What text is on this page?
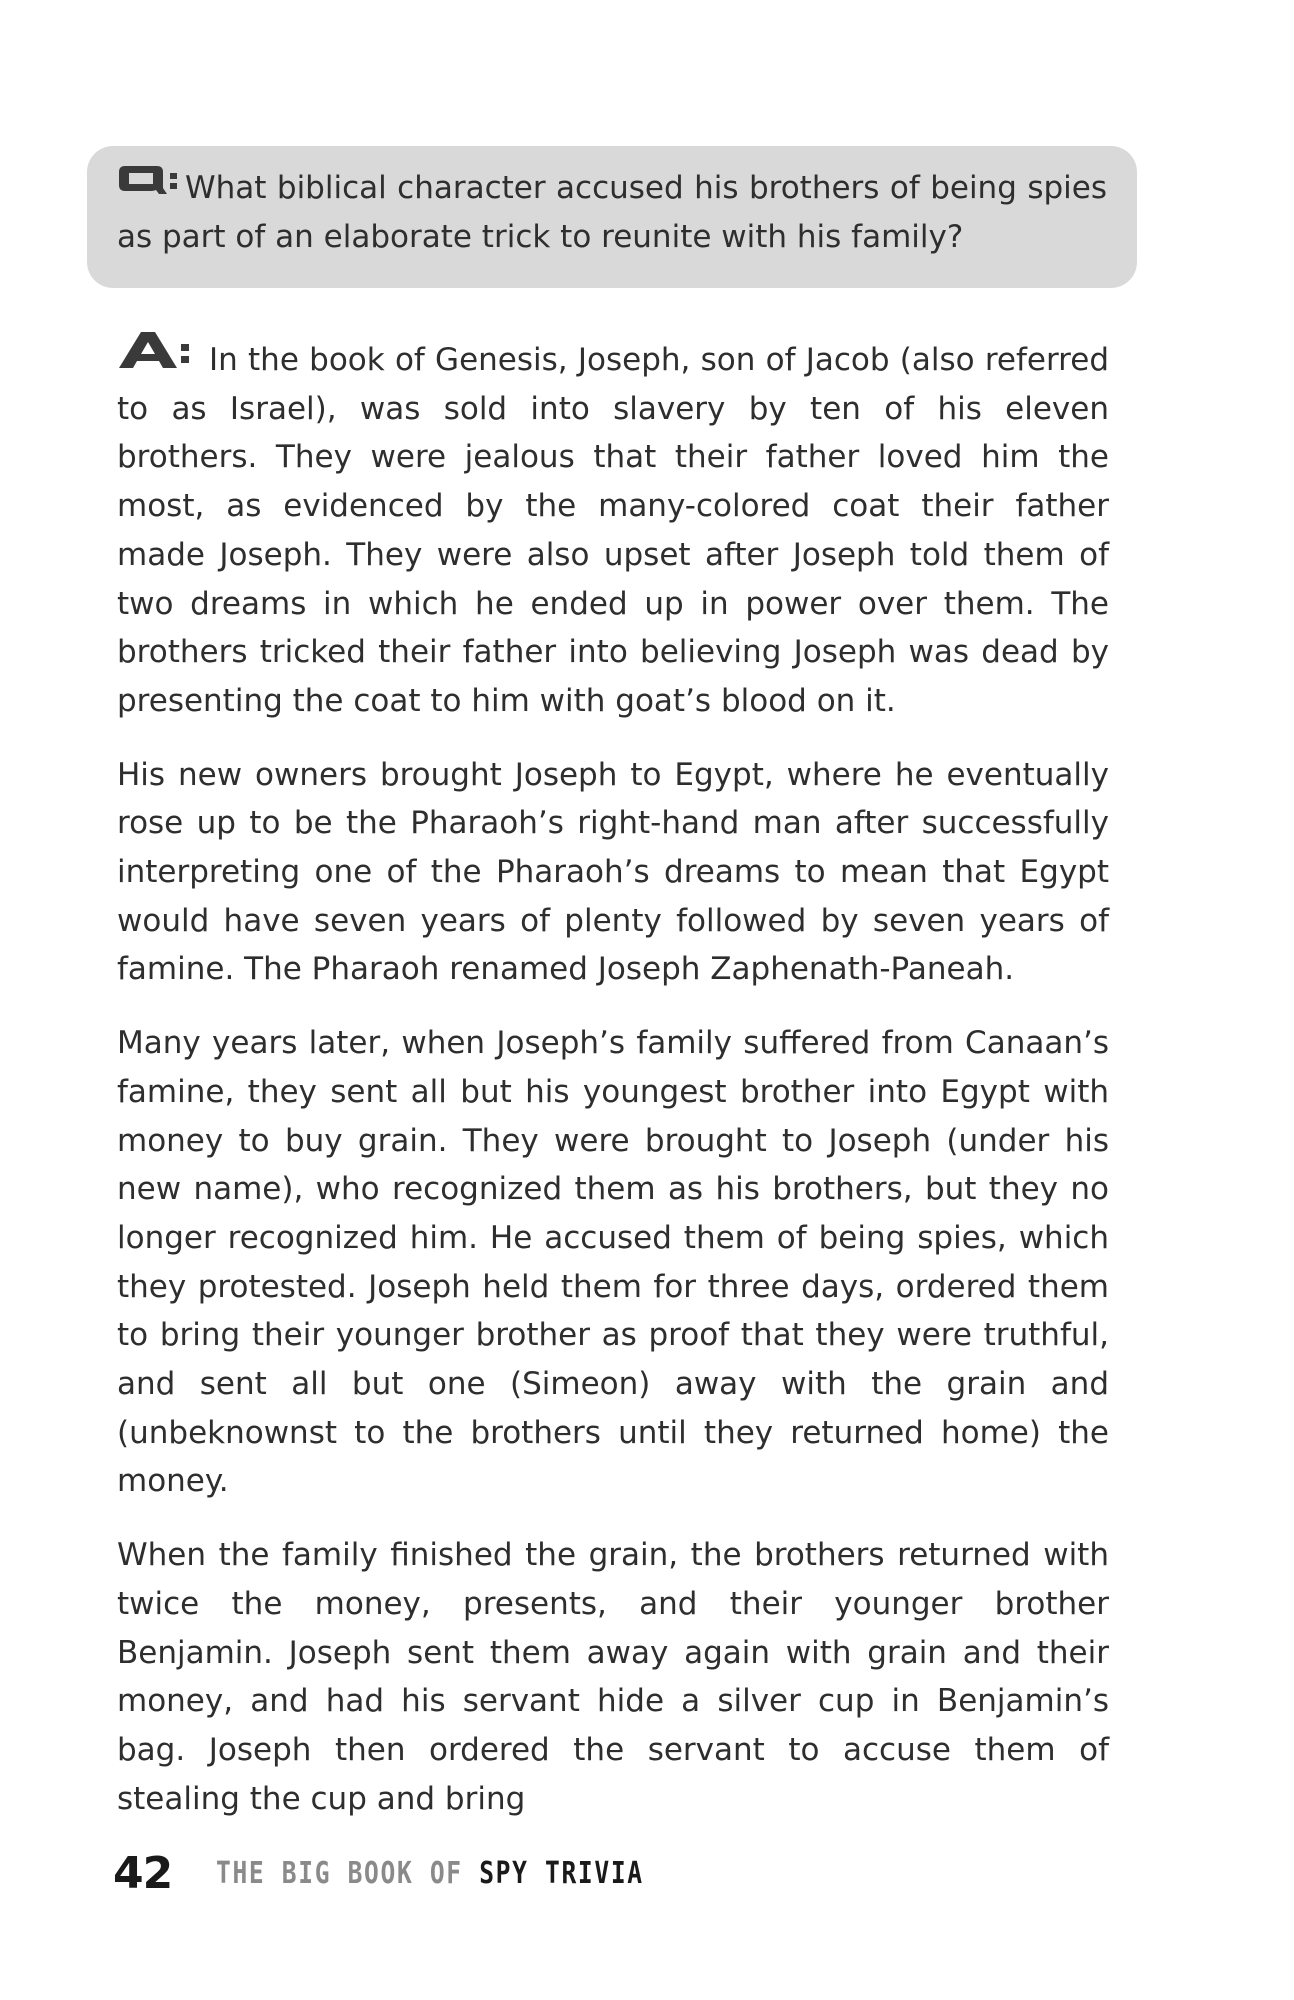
What biblical character accused his brothers of being spies as part of an elaborate trick to reunite with his family?

In the book of Genesis, Joseph, son of Jacob (also referred to as Israel), was sold into slavery by ten of his eleven brothers. They were jealous that their father loved him the most, as evidenced by the many-colored coat their father made Joseph. They were also upset after Joseph told them of two dreams in which he ended up in power over them. The brothers tricked their father into believing Joseph was dead by presenting the coat to him with goat’s blood on it.

His new owners brought Joseph to Egypt, where he eventually rose up to be the Pharaoh’s right-hand man after successfully interpreting one of the Pharaoh’s dreams to mean that Egypt would have seven years of plenty followed by seven years of famine. The Pharaoh renamed Joseph Zaphenath-Paneah.

Many years later, when Joseph’s family suffered from Canaan’s famine, they sent all but his youngest brother into Egypt with money to buy grain. They were brought to Joseph (under his new name), who recognized them as his brothers, but they no longer recognized him. He accused them of being spies, which they protested. Joseph held them for three days, ordered them to bring their younger brother as proof that they were truthful, and sent all but one (Simeon) away with the grain and (unbeknownst to the brothers until they returned home) the money.

When the family finished the grain, the brothers returned with twice the money, presents, and their younger brother Benjamin. Joseph sent them away again with grain and their money, and had his servant hide a silver cup in Benjamin’s bag. Joseph then ordered the servant to accuse them of stealing the cup and bring

42 THE BIG BOOK OF SPY TRIVIA
